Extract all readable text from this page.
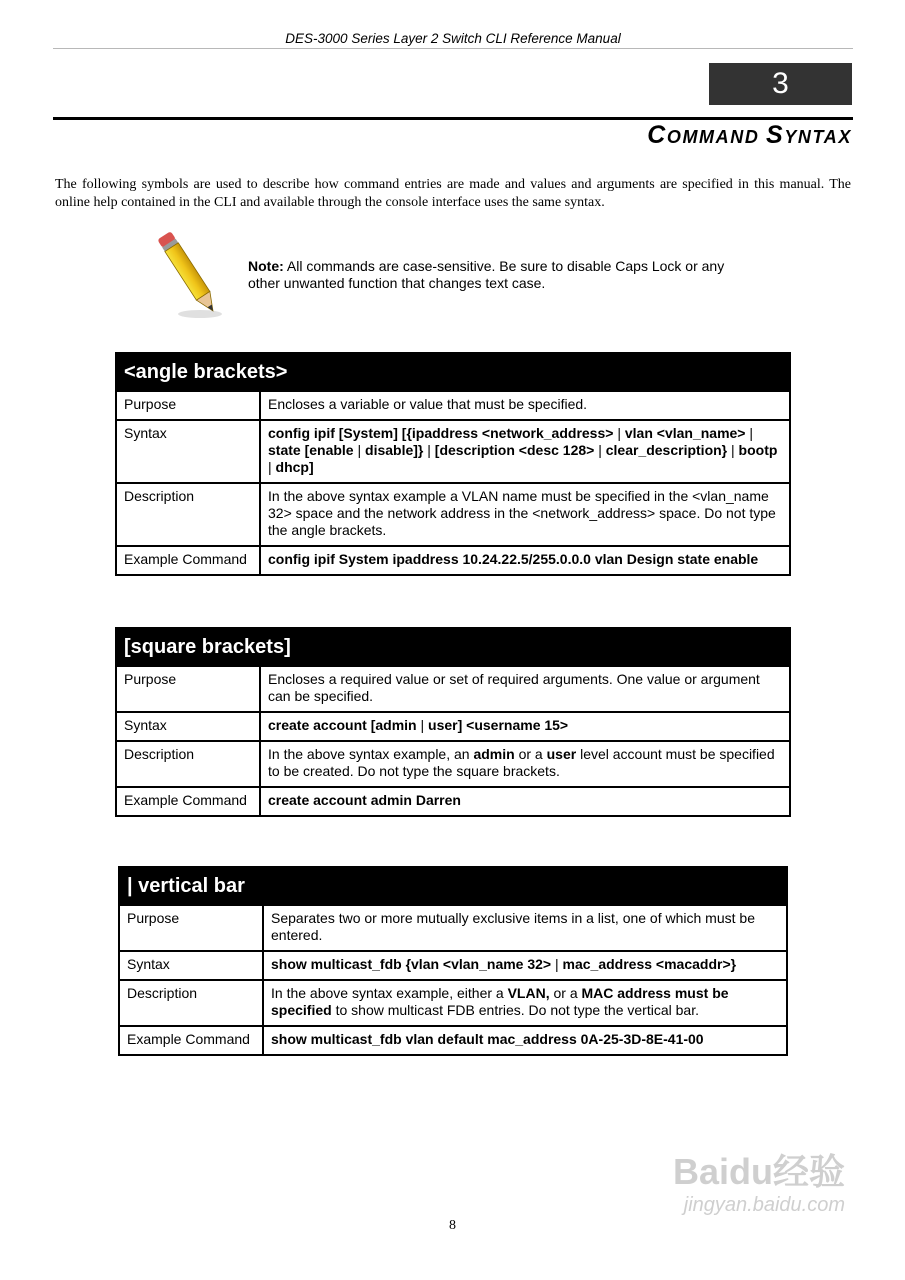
DES-3000 Series Layer 2 Switch CLI Reference Manual
3
COMMAND SYNTAX
The following symbols are used to describe how command entries are made and values and arguments are specified in this manual. The online help contained in the CLI and available through the console interface uses the same syntax.
Note: All commands are case-sensitive. Be sure to disable Caps Lock or any other unwanted function that changes text case.
<angle brackets>	
Purpose	Encloses a variable or value that must be specified.
Syntax	config ipif [System] [{ipaddress <network_address> | vlan <vlan_name> | state [enable | disable]} | [description <desc 128> | clear_description} | bootp | dhcp]
Description	In the above syntax example a VLAN name must be specified in the <vlan_name 32> space and the network address in the <network_address> space. Do not type the angle brackets.
Example Command	config ipif System ipaddress 10.24.22.5/255.0.0.0 vlan Design state enable
[square brackets]	
Purpose	Encloses a required value or set of required arguments. One value or argument can be specified.
Syntax	create account [admin | user] <username 15>
Description	In the above syntax example, an admin or a user level account must be specified to be created. Do not type the square brackets.
Example Command	create account admin Darren
| vertical bar	
Purpose	Separates two or more mutually exclusive items in a list, one of which must be entered.
Syntax	show multicast_fdb {vlan <vlan_name 32> | mac_address <macaddr>}
Description	In the above syntax example, either a VLAN, or a MAC address must be specified to show multicast FDB entries. Do not type the vertical bar.
Example Command	show multicast_fdb vlan default mac_address 0A-25-3D-8E-41-00
8
Baidu经验
jingyan.baidu.com
